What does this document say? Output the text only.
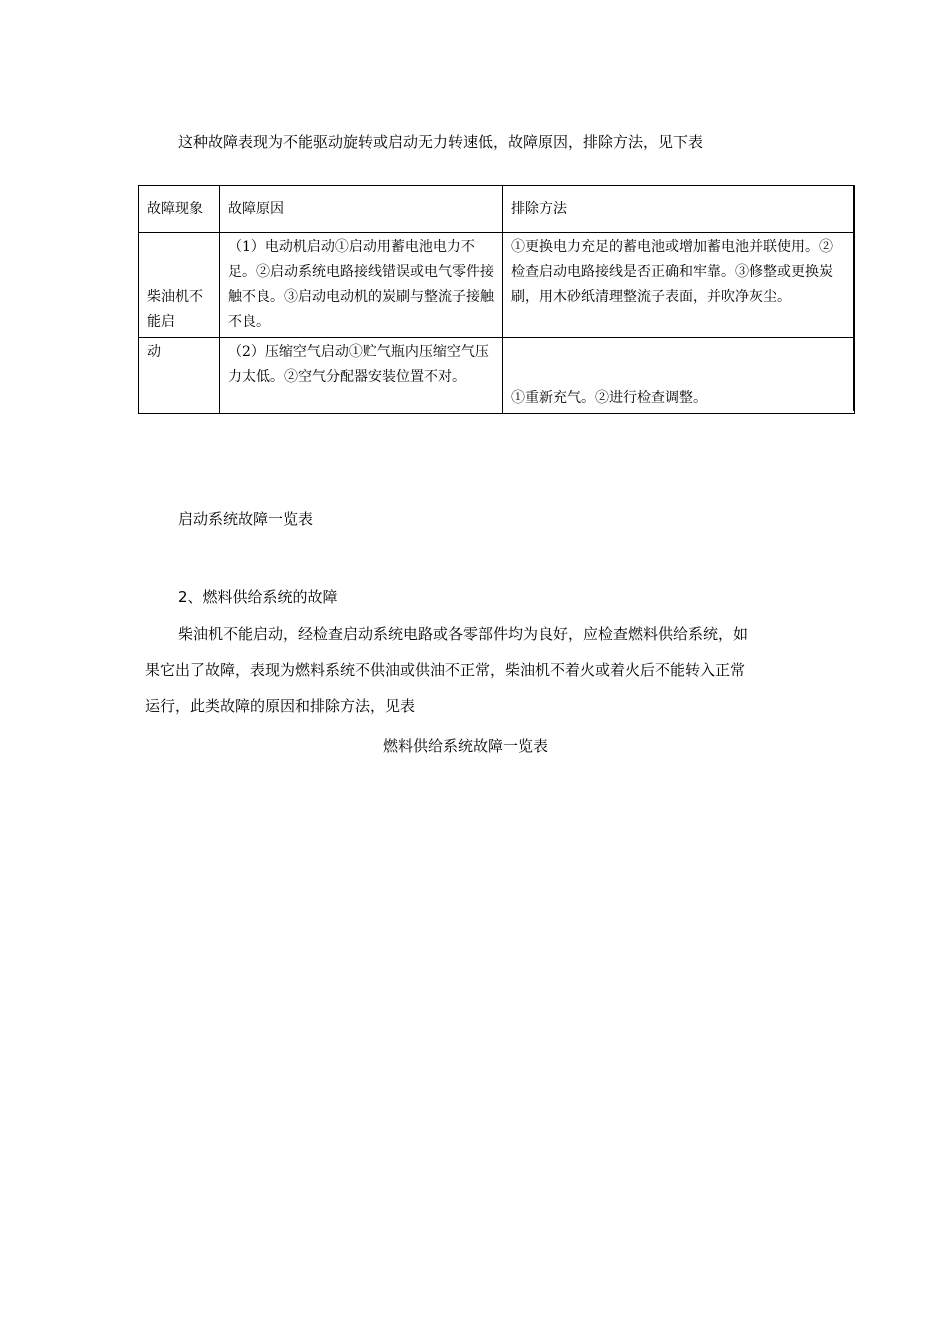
这种故障表现为不能驱动旋转或启动无力转速低，故障原因，排除方法，见下表
故障现象	故障原因	排除方法
柴油机不能启	（1）电动机启动①启动用蓄电池电力不足。②启动系统电路接线错误或电气零件接触不良。③启动电动机的炭刷与整流子接触不良。	①更换电力充足的蓄电池或增加蓄电池并联使用。②检查启动电路接线是否正确和牢靠。③修整或更换炭刷，用木砂纸清理整流子表面，并吹净灰尘。
动	（2）压缩空气启动①贮气瓶内压缩空气压力太低。②空气分配器安装位置不对。	①重新充气。②进行检查调整。
启动系统故障一览表
2、燃料供给系统的故障
柴油机不能启动，经检查启动系统电路或各零部件均为良好，应检查燃料供给系统，如
果它出了故障，表现为燃料系统不供油或供油不正常，柴油机不着火或着火后不能转入正常
运行，此类故障的原因和排除方法，见表
燃料供给系统故障一览表
